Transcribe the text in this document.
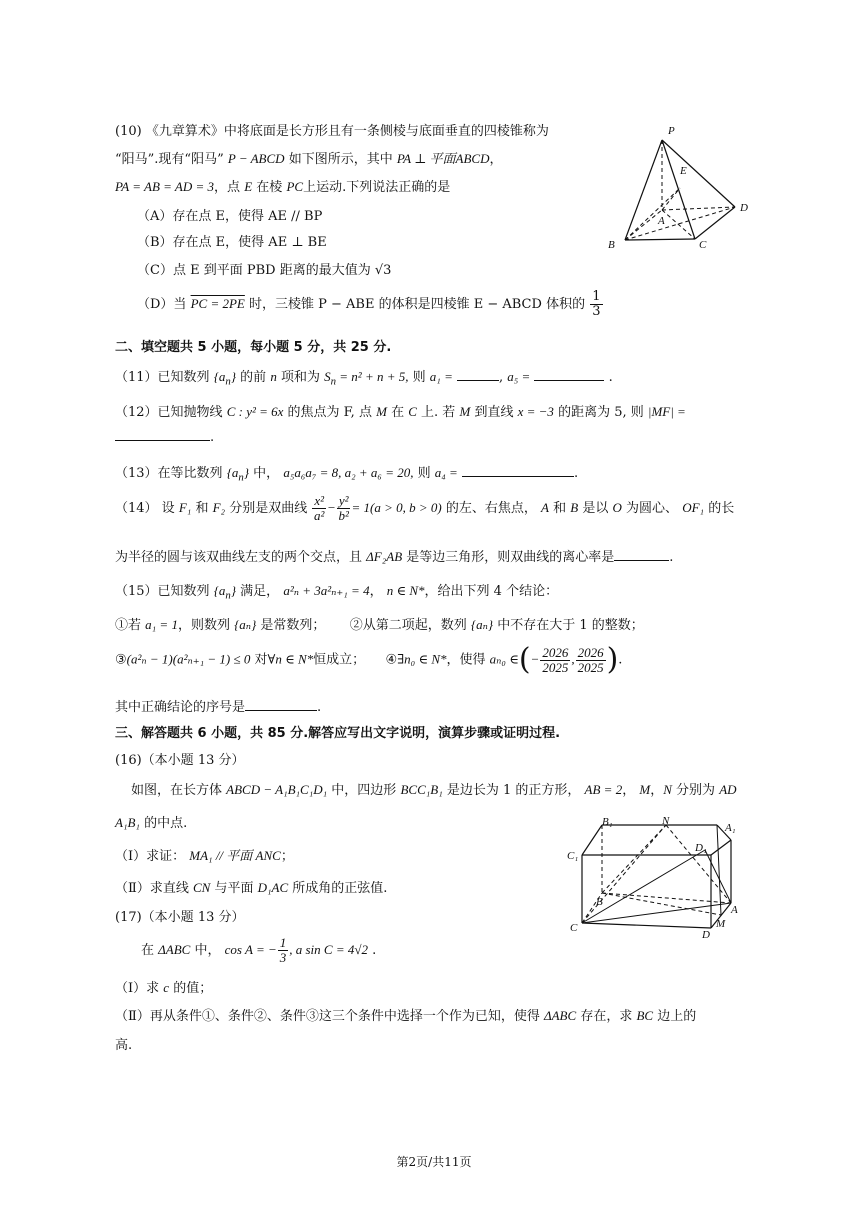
(10) 《九章算术》中将底面是长方形且有一条侧棱与底面垂直的四棱锥称为
“阳马”.现有“阳马” P − ABCD 如下图所示，其中 PA ⊥ 平面ABCD，
PA = AB = AD = 3，点 E 在棱 PC上运动.下列说法正确的是
（A）存在点 E，使得 AE // BP
（B）存在点 E，使得 AE ⊥ BE
（C）点 E 到平面 PBD 距离的最大值为 √3
（D）当 PC = 2PE 时，三棱锥 P − ABE 的体积是四棱锥 E − ABCD 体积的 $\frac{1}{3}$
P
E
A
B	C
D
二、填空题共 5 小题，每小题 5 分，共 25 分.
（11）已知数列 $\{a_n\}$ 的前 n 项和为 $S_n = n^2 + n + 5$, 则 a₁ =	, a₅ =	.
（12）已知抛物线 C : y² = 6x 的焦点为 F, 点 M 在 C 上. 若 M 到直线 x = −3 的距离为 5, 则 |MF| =
.
（13）在等比数列 $\{a_n\}$ 中， a₅a₆a₇ = 8, a₂ + a₆ = 20, 则 a₄ =	.
（14） 设 F₁ 和 F₂ 分别是双曲线 $\frac{\text{x²}}{\text{a²}} - \frac{\text{y²}}{\text{b²}} = 1(a > 0$, b > 0) 的左、右焦点， A 和 B 是以 O 为圆心、 OF₁ 的长
为半径的圆与该双曲线左支的两个交点，且 ΔF₂AB 是等边三角形，则双曲线的离心率是	.
（15）已知数列 $\{a_n\}$ 满足， a²ₙ + 3a²ₙ₊₁ = 4， n ∈ N*，给出下列 4 个结论：
①若 a₁ = 1，则数列 {aₙ} 是常数列； ②从第二项起，数列 {aₙ} 中不存在大于 1 的整数；
③(a²ₙ − 1)(a²ₙ₊₁ − 1) ≤ 0 对∀n ∈ N*恒成立； ④∃n₀ ∈ N*，使得 aₙ₀ ∈(− $\frac{2026}{2025}$ , $\frac{2026}{2025}$ ).
其中正确结论的序号是	.
三、解答题共 6 小题，共 85 分.解答应写出文字说明，演算步骤或证明过程.
(16)（本小题 13 分）
如图，在长方体 ABCD − A₁B₁C₁D₁ 中，四边形 BCC₁B₁ 是边长为 1 的正方形， AB = 2， M，N 分别为 AD
A₁B₁ 的中点.
（Ⅰ）求证： MA₁ // 平面 ANC；
（Ⅱ）求直线 CN 与平面 D₁AC 所成角的正弦值.
B₁	N
A₁
C₁
D₁
B
A
C	M
D
(17)（本小题 13 分）
在 ΔABC 中， cos A = − $\frac{1}{3}$ , a sin C = 4√2 .
（Ⅰ）求 c 的值；
（Ⅱ）再从条件①、条件②、条件③这三个条件中选择一个作为已知，使得 ΔABC 存在，求 BC 边上的
高.
第2页/共11页
